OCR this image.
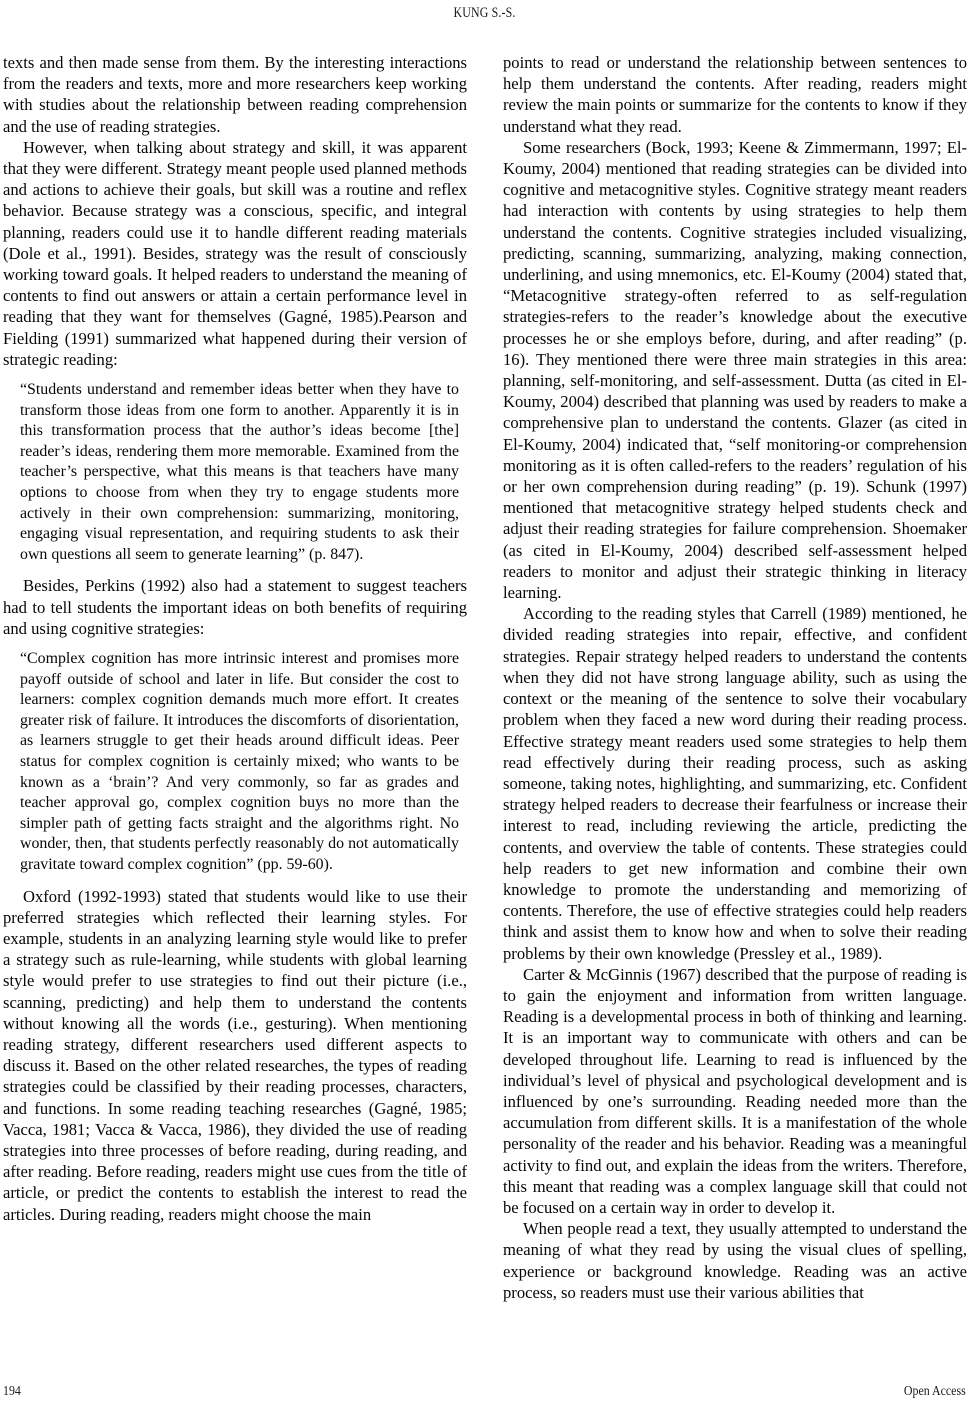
KUNG S.-S.

texts and then made sense from them. By the interesting interactions from the readers and texts, more and more researchers keep working with studies about the relationship between reading comprehension and the use of reading strategies.

However, when talking about strategy and skill, it was apparent that they were different. Strategy meant people used planned methods and actions to achieve their goals, but skill was a routine and reflex behavior. Because strategy was a conscious, specific, and integral planning, readers could use it to handle different reading materials (Dole et al., 1991). Besides, strategy was the result of consciously working toward goals. It helped readers to understand the meaning of contents to find out answers or attain a certain performance level in reading that they want for themselves (Gagné, 1985).Pearson and Fielding (1991) summarized what happened during their version of strategic reading:

“Students understand and remember ideas better when they have to transform those ideas from one form to another. Apparently it is in this transformation process that the author’s ideas become [the] reader’s ideas, rendering them more memorable. Examined from the teacher’s perspective, what this means is that teachers have many options to choose from when they try to engage students more actively in their own comprehension: summarizing, monitoring, engaging visual representation, and requiring students to ask their own questions all seem to generate learning” (p. 847).

Besides, Perkins (1992) also had a statement to suggest teachers had to tell students the important ideas on both benefits of requiring and using cognitive strategies:

“Complex cognition has more intrinsic interest and promises more payoff outside of school and later in life. But consider the cost to learners: complex cognition demands much more effort. It creates greater risk of failure. It introduces the discomforts of disorientation, as learners struggle to get their heads around difficult ideas. Peer status for complex cognition is certainly mixed; who wants to be known as a ‘brain’? And very commonly, so far as grades and teacher approval go, complex cognition buys no more than the simpler path of getting facts straight and the algorithms right. No wonder, then, that students perfectly reasonably do not automatically gravitate toward complex cognition” (pp. 59-60).

Oxford (1992-1993) stated that students would like to use their preferred strategies which reflected their learning styles. For example, students in an analyzing learning style would like to prefer a strategy such as rule-learning, while students with global learning style would prefer to use strategies to find out their picture (i.e., scanning, predicting) and help them to understand the contents without knowing all the words (i.e., gesturing). When mentioning reading strategy, different researchers used different aspects to discuss it. Based on the other related researches, the types of reading strategies could be classified by their reading processes, characters, and functions. In some reading teaching researches (Gagné, 1985; Vacca, 1981; Vacca & Vacca, 1986), they divided the use of reading strategies into three processes of before reading, during reading, and after reading. Before reading, readers might use cues from the title of article, or predict the contents to establish the interest to read the articles. During reading, readers might choose the main

points to read or understand the relationship between sentences to help them understand the contents. After reading, readers might review the main points or summarize for the contents to know if they understand what they read.

Some researchers (Bock, 1993; Keene & Zimmermann, 1997; El-Koumy, 2004) mentioned that reading strategies can be divided into cognitive and metacognitive styles. Cognitive strategy meant readers had interaction with contents by using strategies to help them understand the contents. Cognitive strategies included visualizing, predicting, scanning, summarizing, analyzing, making connection, underlining, and using mnemonics, etc. El-Koumy (2004) stated that, “Metacognitive strategy-often referred to as self-regulation strategies-refers to the reader’s knowledge about the executive processes he or she employs before, during, and after reading” (p. 16). They mentioned there were three main strategies in this area: planning, self-monitoring, and self-assessment. Dutta (as cited in El-Koumy, 2004) described that planning was used by readers to make a comprehensive plan to understand the contents. Glazer (as cited in El-Koumy, 2004) indicated that, “self monitoring-or comprehension monitoring as it is often called-refers to the readers’ regulation of his or her own comprehension during reading” (p. 19). Schunk (1997) mentioned that metacognitive strategy helped students check and adjust their reading strategies for failure comprehension. Shoemaker (as cited in El-Koumy, 2004) described self-assessment helped readers to monitor and adjust their strategic thinking in literacy learning.

According to the reading styles that Carrell (1989) mentioned, he divided reading strategies into repair, effective, and confident strategies. Repair strategy helped readers to understand the contents when they did not have strong language ability, such as using the context or the meaning of the sentence to solve their vocabulary problem when they faced a new word during their reading process. Effective strategy meant readers used some strategies to help them read effectively during their reading process, such as asking someone, taking notes, highlighting, and summarizing, etc. Confident strategy helped readers to decrease their fearfulness or increase their interest to read, including reviewing the article, predicting the contents, and overview the table of contents. These strategies could help readers to get new information and combine their own knowledge to promote the understanding and memorizing of contents. Therefore, the use of effective strategies could help readers think and assist them to know how and when to solve their reading problems by their own knowledge (Pressley et al., 1989).

Carter & McGinnis (1967) described that the purpose of reading is to gain the enjoyment and information from written language. Reading is a developmental process in both of thinking and learning. It is an important way to communicate with others and can be developed throughout life. Learning to read is influenced by the individual’s level of physical and psychological development and is influenced by one’s surrounding. Reading needed more than the accumulation from different skills. It is a manifestation of the whole personality of the reader and his behavior. Reading was a meaningful activity to find out, and explain the ideas from the writers. Therefore, this meant that reading was a complex language skill that could not be focused on a certain way in order to develop it.

When people read a text, they usually attempted to understand the meaning of what they read by using the visual clues of spelling, experience or background knowledge. Reading was an active process, so readers must use their various abilities that

194	Open Access
